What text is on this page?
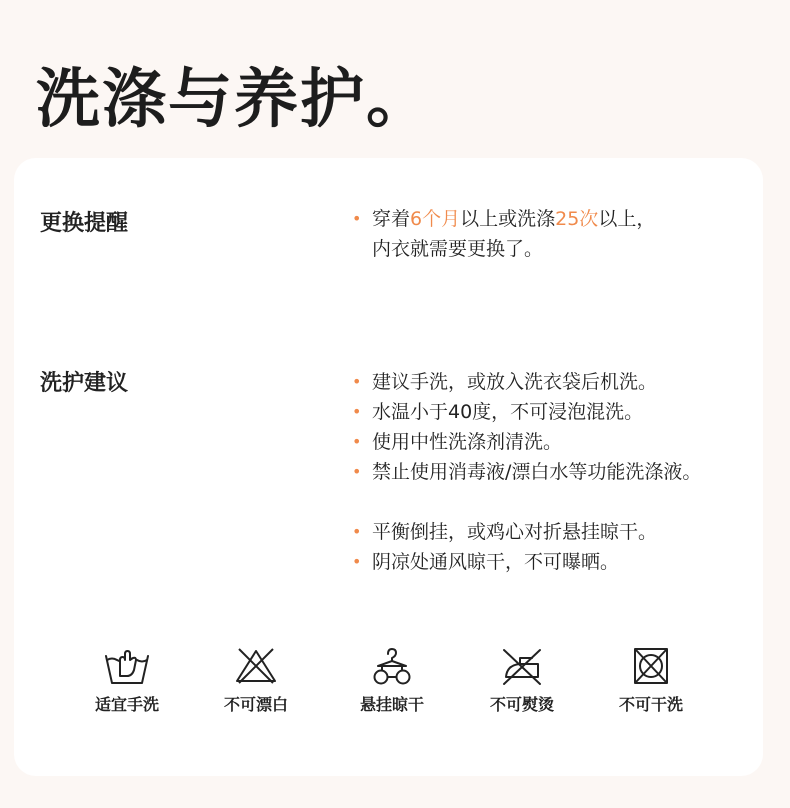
洗涤与养护。
更换提醒	• 穿着6个月以上或洗涤25次以上，
内衣就需要更换了。
洗护建议	• 建议手洗，或放入洗衣袋后机洗。
• 水温小于40度，不可浸泡混洗。
• 使用中性洗涤剂清洗。
• 禁止使用消毒液/漂白水等功能洗涤液。
• 平衡倒挂，或鸡心对折悬挂晾干。
• 阴凉处通风晾干，不可曝晒。
适宜手洗	不可漂白	悬挂晾干	不可熨烫	不可干洗
